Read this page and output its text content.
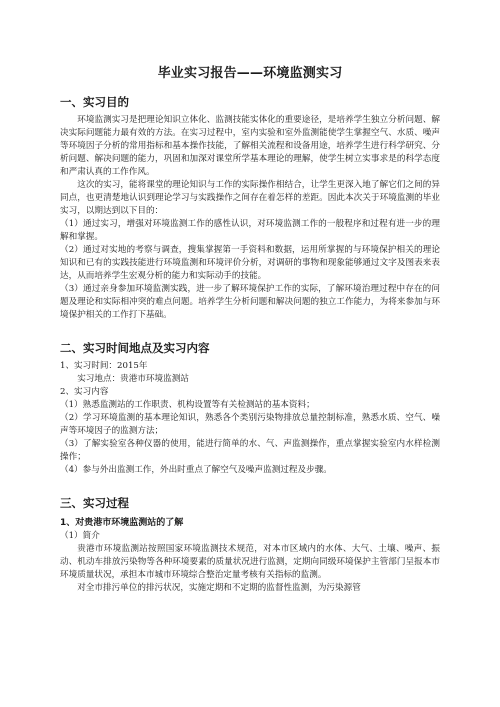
毕业实习报告——环境监测实习
一、实习目的

环境监测实习是把理论知识立体化、监测技能实体化的重要途径，是培养学生独立分析问题、解决实际问题能力最有效的方法。在实习过程中，室内实验和室外监测能使学生掌握空气、水质、噪声等环境因子分析的常用指标和基本操作技能，了解相关流程和设备用途，培养学生进行科学研究、分析问题、解决问题的能力，巩固和加深对课堂所学基本理论的理解，使学生树立实事求是的科学态度和严肃认真的工作作风。

这次的实习，能将课堂的理论知识与工作的实际操作相结合，让学生更深入地了解它们之间的异同点，也更清楚地认识到理论学习与实践操作之间存在着怎样的差距。因此本次关于环境监测的毕业实习，以期达到以下目的：

（1）通过实习，增强对环境监测工作的感性认识，对环境监测工作的一般程序和过程有进一步的理解和掌握。

（2）通过对实地的考察与调查，搜集掌握第一手资料和数据，运用所掌握的与环境保护相关的理论知识和已有的实践技能进行环境监测和环境评价分析，对调研的事物和现象能够通过文字及图表来表达，从而培养学生宏观分析的能力和实际动手的技能。

（3）通过亲身参加环境监测实践，进一步了解环境保护工作的实际，了解环境治理过程中存在的问题及理论和实际相冲突的难点问题。培养学生分析问题和解决问题的独立工作能力，为将来参加与环境保护相关的工作打下基础。

二、实习时间地点及实习内容

1、实习时间：2015年

实习地点：贵港市环境监测站

2、实习内容

（1）熟悉监测站的工作职责、机构设置等有关检测站的基本资料；

（2）学习环境监测的基本理论知识，熟悉各个类别污染物排放总量控制标准，熟悉水质、空气、噪声等环境因子的监测方法；

（3）了解实验室各种仪器的使用，能进行简单的水、气、声监测操作，重点掌握实验室内水样检测操作；

（4）参与外出监测工作，外出时重点了解空气及噪声监测过程及步骤。

三、实习过程
1、对贵港市环境监测站的了解

（1）简介

贵港市环境监测站按照国家环境监测技术规范，对本市区域内的水体、大气、土壤、噪声、振动、机动车排放污染物等各种环境要素的质量状况进行监测，定期向同级环境保护主管部门呈报本市环境质量状况，承担本市城市环境综合整治定量考核有关指标的监测。

对全市排污单位的排污状况，实施定期和不定期的监督性监测，为污染源管
